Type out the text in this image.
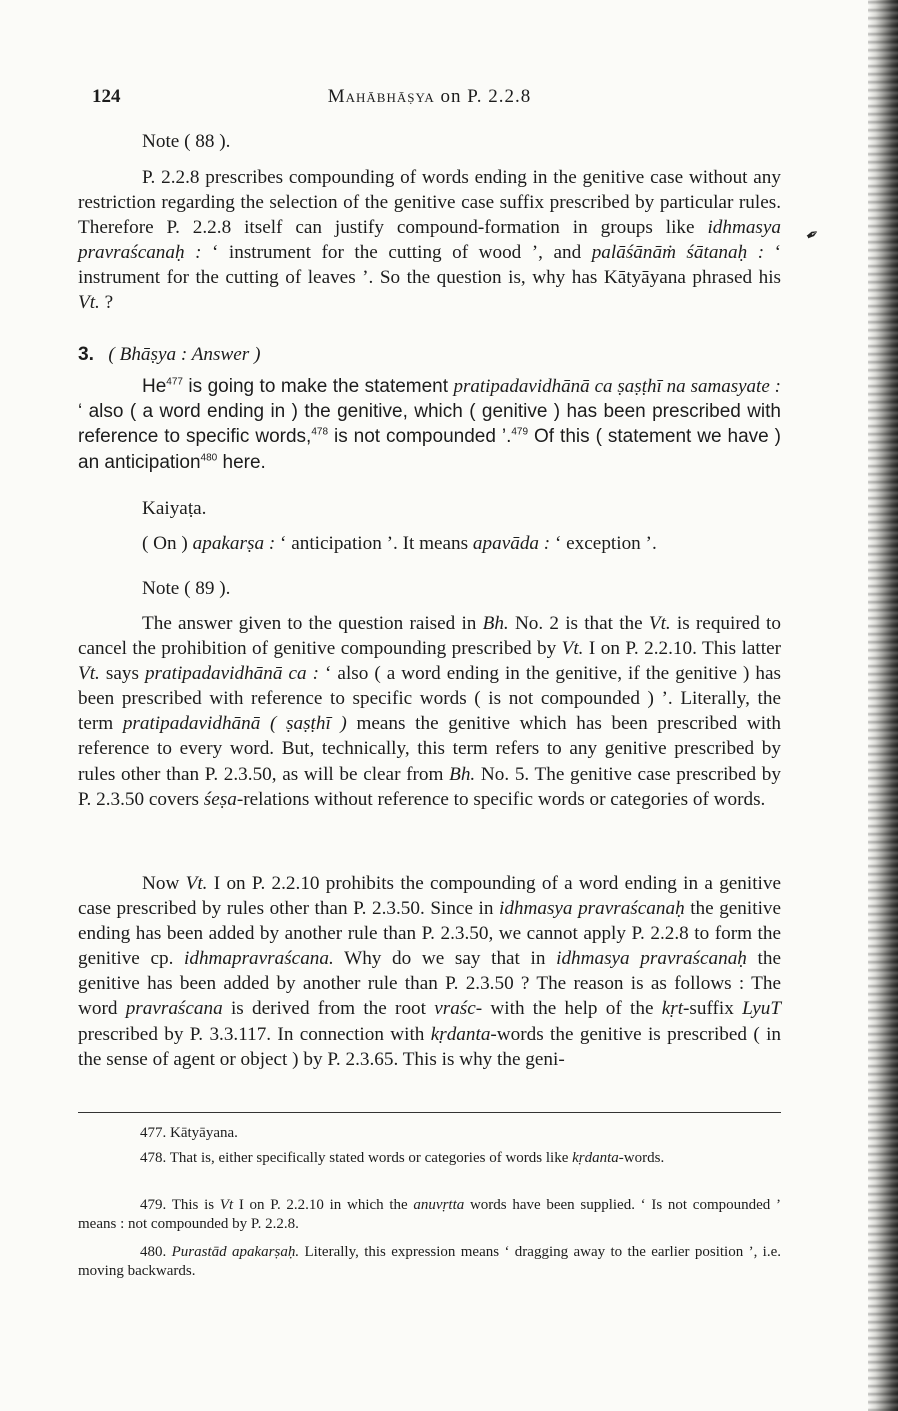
✒
124	Mahābhāṣya on P. 2.2.8

Note ( 88 ).

P. 2.2.8 prescribes compounding of words ending in the genitive case without any restriction regarding the selection of the genitive case suffix prescribed by particular rules. Therefore P. 2.2.8 itself can justify compound-formation in groups like idhmasya pravraścanaḥ : ‘ instrument for the cutting of wood ’, and palāśānāṁ śātanaḥ : ‘ instrument for the cutting of leaves ’. So the question is, why has Kātyāyana phrased his Vt. ?

3. ( Bhāṣya : Answer )

He$^{477}$ is going to make the statement pratipadavidhānā ca ṣaṣṭhī na samasyate : ‘ also ( a word ending in ) the genitive, which ( genitive ) has been prescribed with reference to specific words,$^{478}$ is not compounded ’.$^{479}$ Of this ( statement we have ) an anticipation$^{480}$ here.

Kaiyaṭa.

( On ) apakarṣa : ‘ anticipation ’. It means apavāda : ‘ exception ’.

Note ( 89 ).

The answer given to the question raised in Bh. No. 2 is that the Vt. is required to cancel the prohibition of genitive compounding prescribed by Vt. I on P. 2.2.10. This latter Vt. says pratipadavidhānā ca : ‘ also ( a word ending in the genitive, if the genitive ) has been prescribed with reference to specific words ( is not compounded ) ’. Literally, the term pratipadavidhānā ( ṣaṣṭhī ) means the genitive which has been prescribed with reference to every word. But, technically, this term refers to any genitive prescribed by rules other than P. 2.3.50, as will be clear from Bh. No. 5. The genitive case prescribed by P. 2.3.50 covers śeṣa-relations without reference to specific words or categories of words.

Now Vt. I on P. 2.2.10 prohibits the compounding of a word ending in a genitive case prescribed by rules other than P. 2.3.50. Since in idhmasya pravraścanaḥ the genitive ending has been added by another rule than P. 2.3.50, we cannot apply P. 2.2.8 to form the genitive cp. idhmapravraścana. Why do we say that in idhmasya pravraścanaḥ the genitive has been added by another rule than P. 2.3.50 ? The reason is as follows : The word pravraścana is derived from the root vraśc- with the help of the kṛt-suffix LyuT prescribed by P. 3.3.117. In connection with kṛdanta-words the genitive is prescribed ( in the sense of agent or object ) by P. 2.3.65. This is why the geni-

477. Kātyāyana.

478. That is, either specifically stated words or categories of words like kṛdanta-words.

479. This is Vt I on P. 2.2.10 in which the anuvṛtta words have been supplied. ‘ Is not compounded ’ means : not compounded by P. 2.2.8.

480. Purastād apakarṣaḥ. Literally, this expression means ‘ dragging away to the earlier position ’, i.e. moving backwards.
